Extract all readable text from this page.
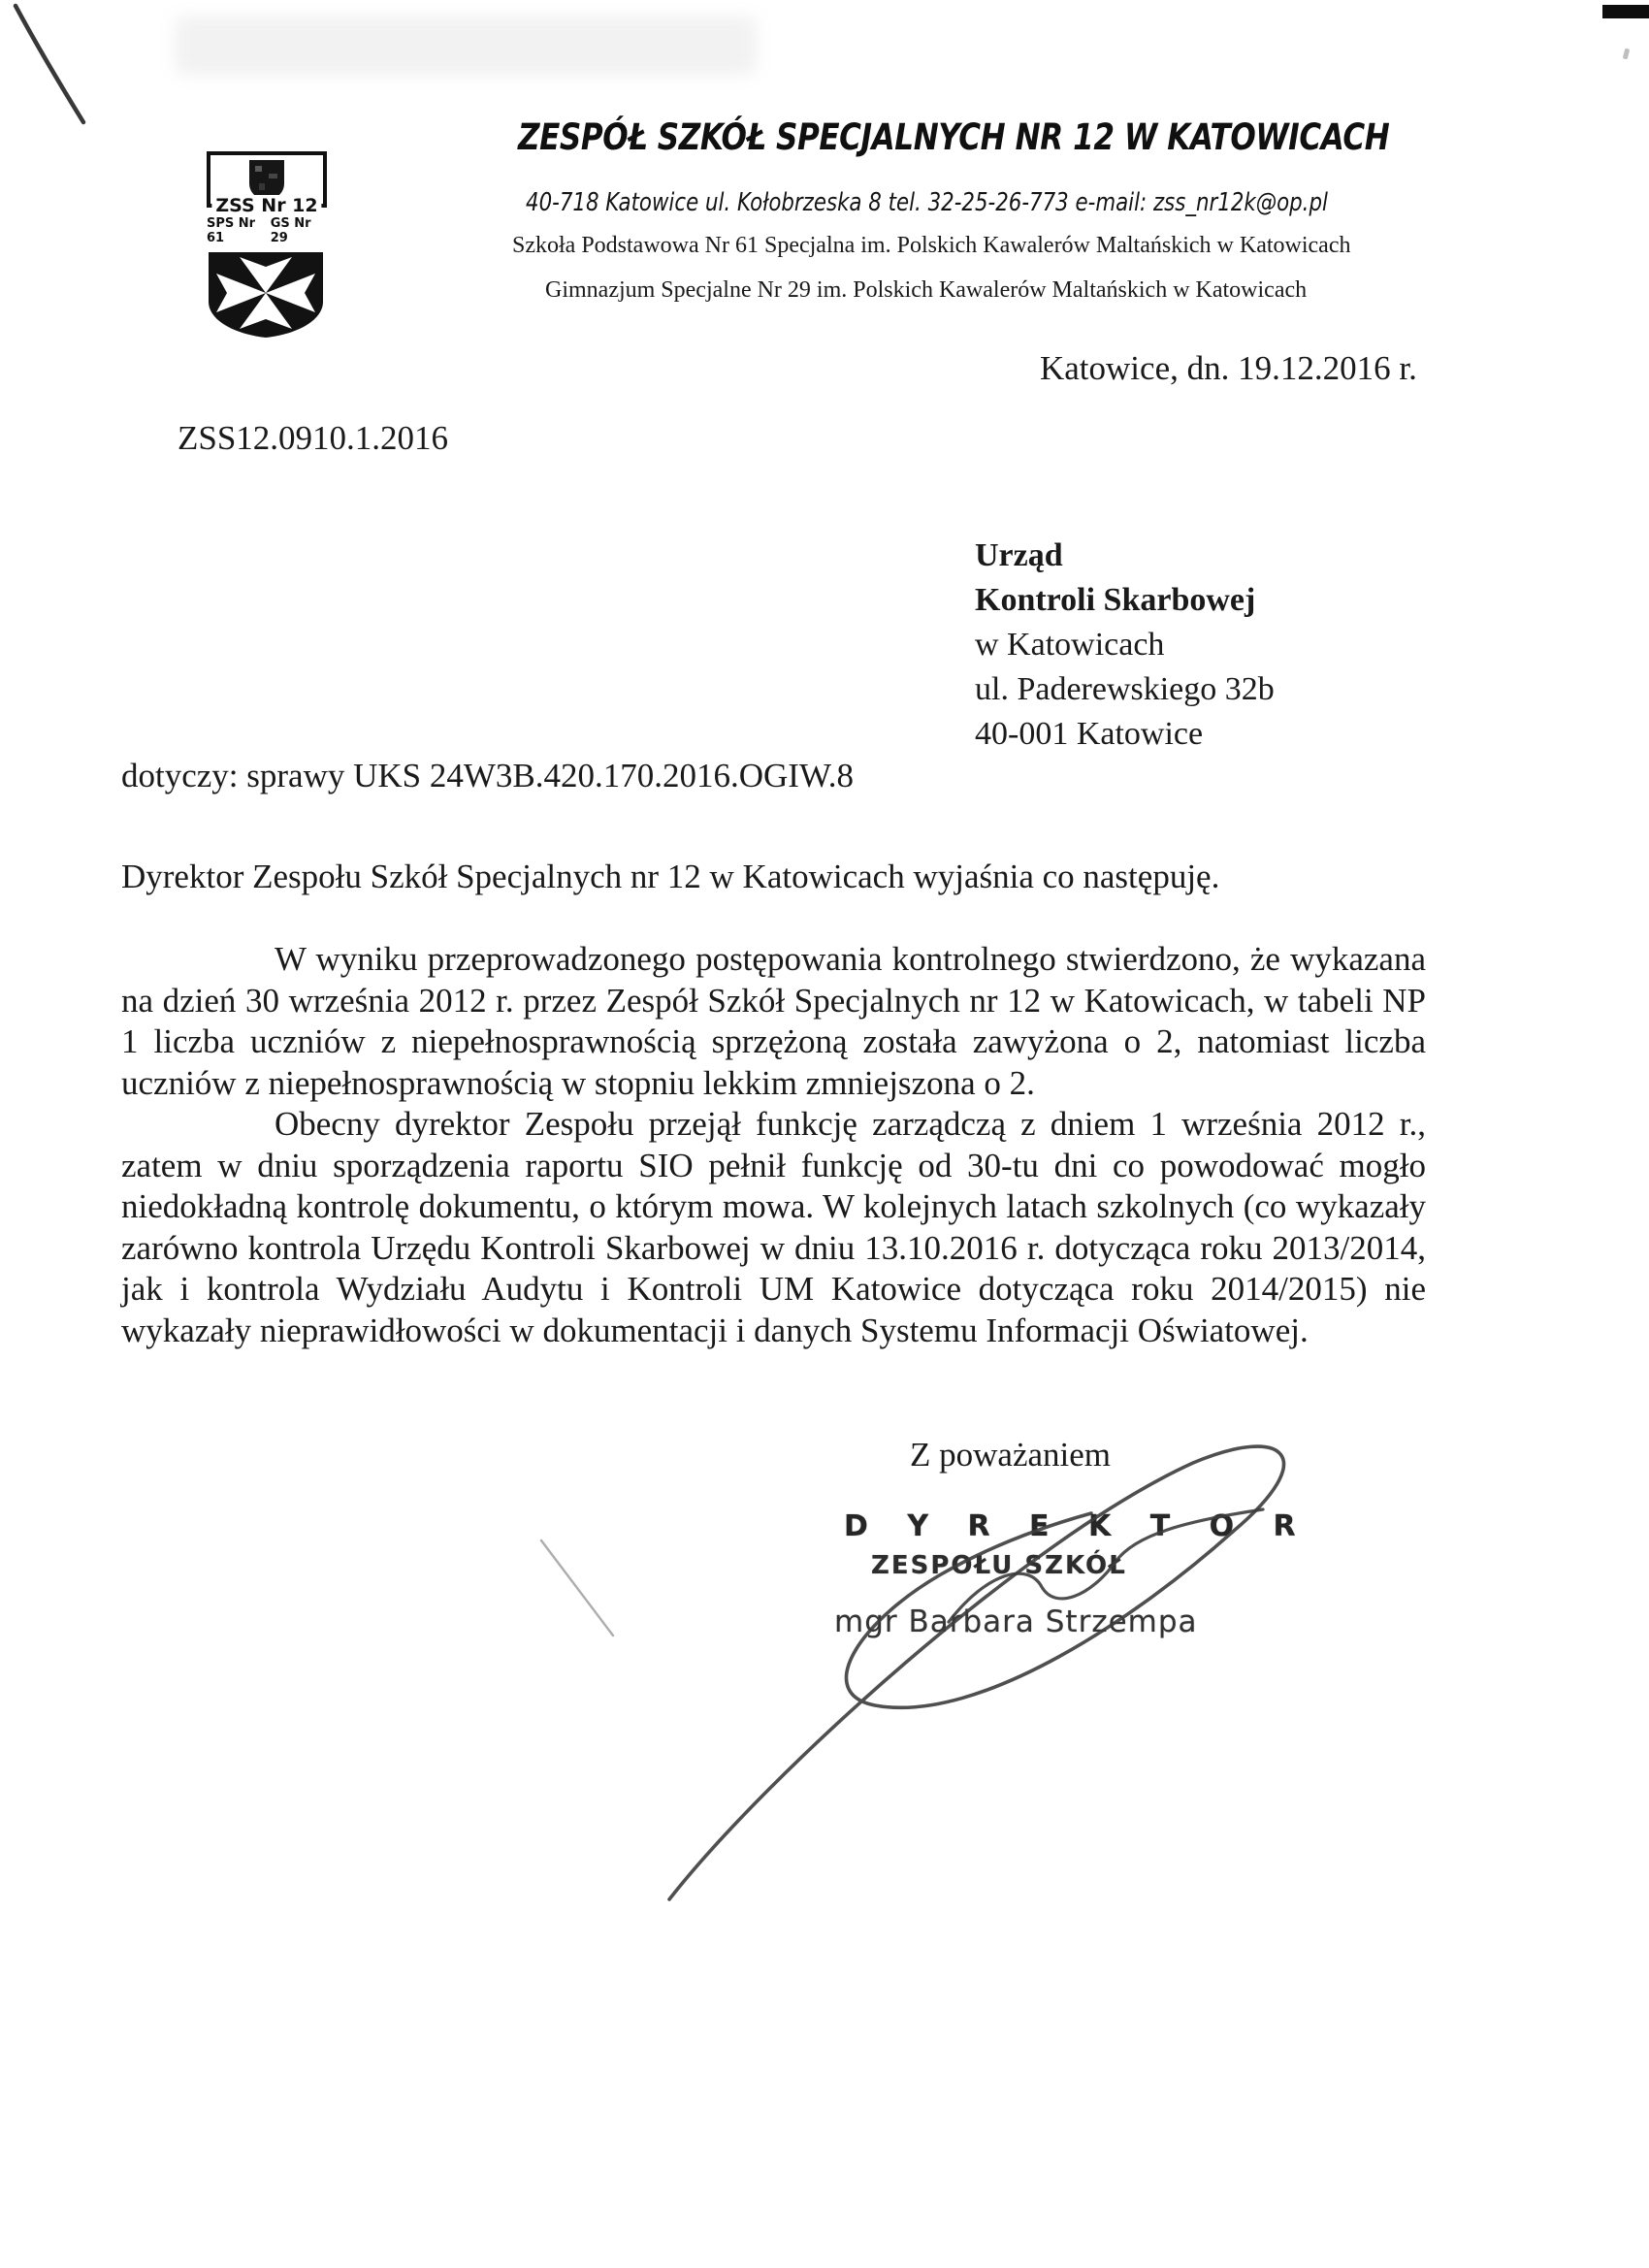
ZSS Nr 12
SPS Nr 61
GS Nr 29
ZESPÓŁ SZKÓŁ SPECJALNYCH NR 12 W KATOWICACH
40-718 Katowice ul. Kołobrzeska 8 tel. 32-25-26-773 e-mail: zss_nr12k@op.pl
Szkoła Podstawowa Nr 61 Specjalna im. Polskich Kawalerów Maltańskich w Katowicach
Gimnazjum Specjalne Nr 29 im. Polskich Kawalerów Maltańskich w Katowicach
Katowice, dn. 19.12.2016 r.
ZSS12.0910.1.2016
Urząd
Kontroli Skarbowej
w Katowicach
ul. Paderewskiego 32b
40-001 Katowice
dotyczy: sprawy UKS 24W3B.420.170.2016.OGIW.8
Dyrektor Zespołu Szkół Specjalnych nr 12 w Katowicach wyjaśnia co następuję.

W wyniku przeprowadzonego postępowania kontrolnego stwierdzono, że wykazana na dzień 30 września 2012 r. przez Zespół Szkół Specjalnych nr 12 w Katowicach, w tabeli NP 1 liczba uczniów z niepełnosprawnością sprzężoną została zawyżona o 2, natomiast liczba uczniów z niepełnosprawnością w stopniu lekkim zmniejszona o 2.

Obecny dyrektor Zespołu przejął funkcję zarządczą z dniem 1 września 2012 r., zatem w dniu sporządzenia raportu SIO pełnił funkcję od 30-tu dni co powodować mogło niedokładną kontrolę dokumentu, o którym mowa. W kolejnych latach szkolnych (co wykazały zarówno kontrola Urzędu Kontroli Skarbowej w dniu 13.10.2016 r. dotycząca roku 2013/2014, jak i kontrola Wydziału Audytu i Kontroli UM Katowice dotycząca roku 2014/2015) nie wykazały nieprawidłowości w dokumentacji i danych Systemu Informacji Oświatowej.

Z poważaniem
D Y R E K T O R
ZESPOŁU SZKÓŁ
mgr Barbara Strzempa
